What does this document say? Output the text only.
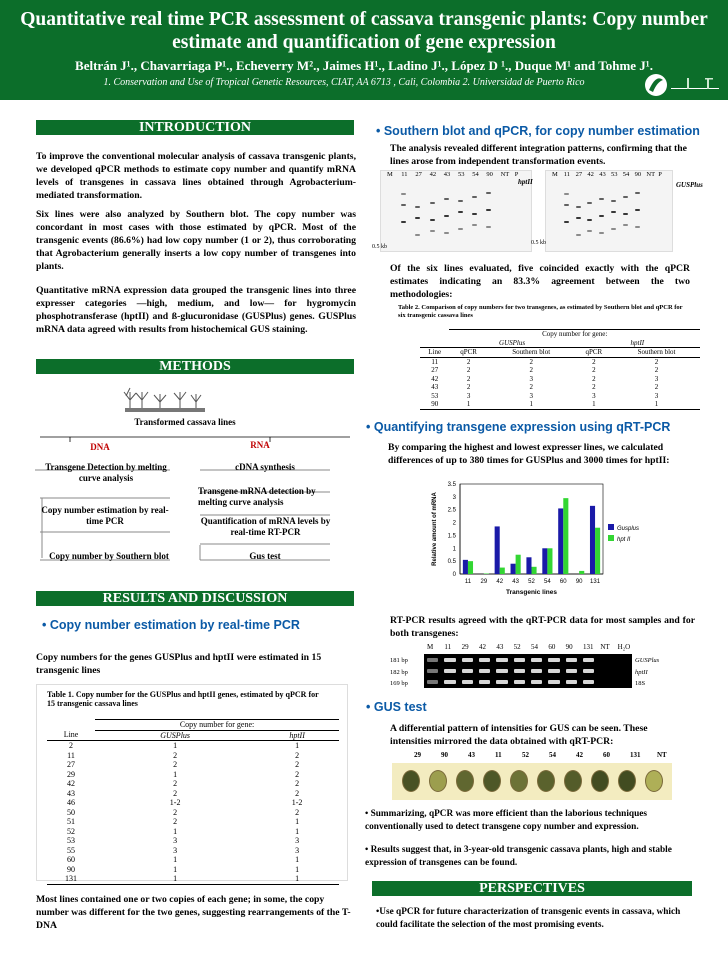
Quantitative real time PCR assessment of cassava transgenic plants: Copy number estimate and quantification of gene expression
Beltrán J¹., Chavarriaga P¹., Echeverry M²., Jaimes H¹., Ladino J¹., López D ¹., Duque M¹ and Tohme J¹.
1. Conservation and Use of Tropical Genetic Resources, CIAT, AA 6713 , Cali, Colombia 2. Universidad de Puerto Rico
INTRODUCTION
To improve the conventional molecular analysis of cassava transgenic plants, we developed qPCR methods to estimate copy number and quantify mRNA levels of transgenes in cassava lines obtained through Agrobacterium-mediated transformation.
Six lines were also analyzed by Southern blot. The copy number was concordant in most cases with those estimated by qPCR. Most of the transgenic events (86.6%) had low copy number (1 or 2), thus corroborating that Agrobacterium generally inserts a low copy number of transgenes into plants.
Quantitative mRNA expression data grouped the transgenic lines into three expresser categories —high, medium, and low— for hygromycin phosphotransferase (hptII) and ß-glucuronidase (GUSPlus) genes. GUSPlus mRNA data agreed with results from histochemical GUS staining.
METHODS
Transformed cassava lines
DNA	RNA
Transgene Detection by melting curve analysis
Copy number estimation by real-time PCR
Copy number by Southern blot
cDNA synthesis
Transgene mRNA detection by melting curve analysis
Quantification of mRNA levels by real-time RT-PCR
Gus test
RESULTS AND DISCUSSION
• Copy number estimation by real-time PCR
Copy numbers for the genes GUSPlus and hptII were estimated in 15 transgenic lines
Table 1. Copy number for the GUSPlus and hptII genes, estimated by qPCR for 15 transgenic cassava lines
	Copy number for gene:	
Line	GUSPlus	hptII
2	1	1
11	2	2
27	2	2
29	1	2
42	2	2
43	2	2
46	1-2	1-2
50	2	2
51	2	1
52	1	1
53	3	3
55	3	3
60	1	1
90	1	1
131	1	1
Most lines contained one or two copies of each gene; in some, the copy number was different for the two genes, suggesting rearrangements of the T-DNA
• Southern blot and qPCR, for copy number estimation
The analysis revealed different integration patterns, confirming that the lines arose from independent transformation events.
M 11 27 42 43 53 54 90 NT P
0.5 kb
hptII
M 11 27 42 43 53 54 90 NT P
0.5 kb
GUSPlus
Of the six lines evaluated, five coincided exactly with the qPCR estimates indicating an 83.3% agreement between the two methodologies:
Table 2. Comparison of copy numbers for two transgenes, as estimated by Southern blot and qPCR for six transgenic cassava lines
	Copy number for gene:			
	GUSPlus		hptII	
Line	qPCR	Southern blot	qPCR	Southern blot
11	2	2	2	2
27	2	2	2	2
42	2	3	2	3
43	2	2	2	2
53	3	3	3	3
90	1	1	1	1
• Quantifying transgene expression using qRT-PCR
By comparing the highest and lowest expresser lines, we calculated differences of up to 380 times for GUSPlus and 3000 times for hptII:
0
0.5
1
1.5
2
2.5
3
3.5
11 29 42 43 52 54 60 90 131
Transgenic lines
Relative amount of mRNA	Gusplus
hpt II
RT-PCR results agreed with the qRT-PCR data for most samples and for both transgenes:
M 11 29 42 43 52 54 60 90 131 NT H₂O
181 bp
182 bp
169 bp
GUSPlus
hptII
18S
• GUS test
A differential pattern of intensities for GUS can be seen. These intensities mirrored the data obtained with qRT-PCR:
29	90	43	11	52	54	42	60	131 NT
• Summarizing, qPCR was more efficient than the laborious techniques conventionally used to detect transgene copy number and expression.
• Results suggest that, in 3-year-old transgenic cassava plants, high and stable expression of transgenes can be found.
PERSPECTIVES
•Use qPCR for future characterization of transgenic events in cassava, which could facilitate the selection of the most promising events.
